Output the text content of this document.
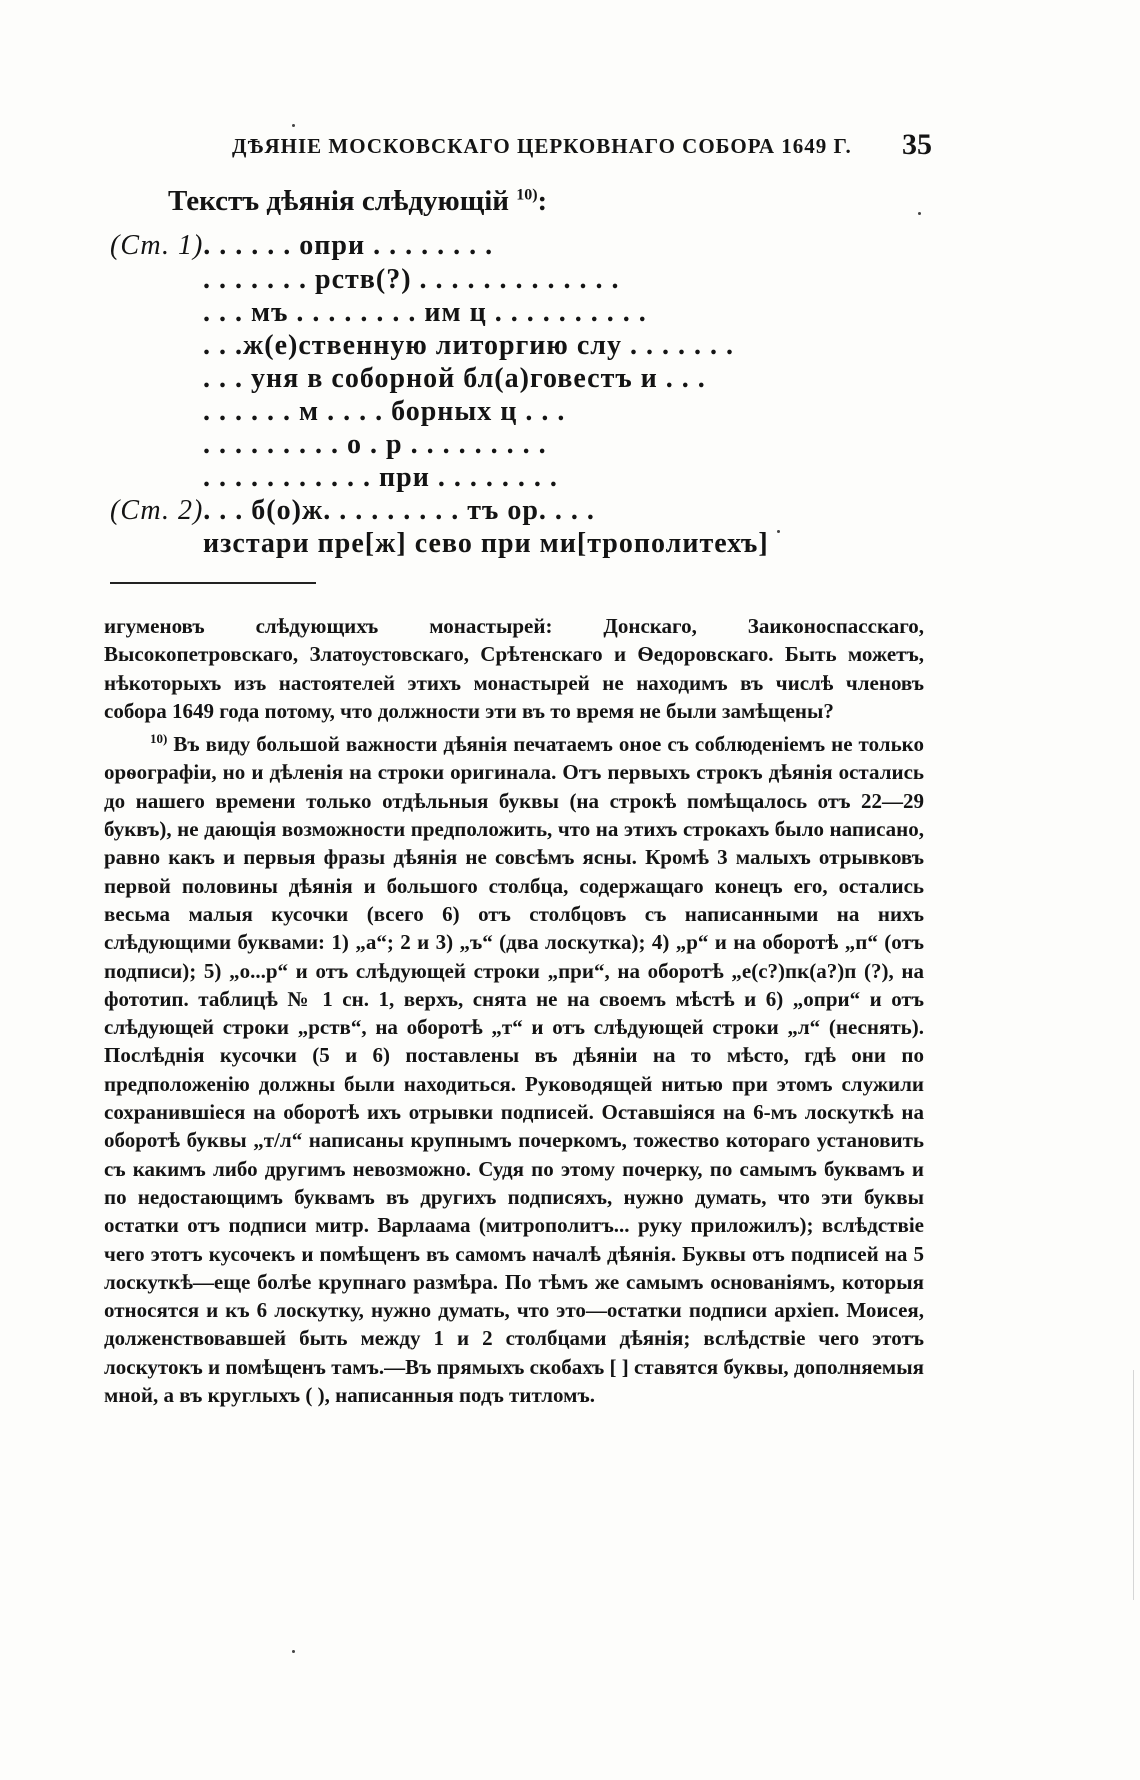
ДѢЯНІЕ МОСКОВСКАГО ЦЕРКОВНАГО СОБОРА 1649 Г. 35
Текстъ дѣянія слѣдующій $^{10)}$:
(Ст. 1). . . . . . опри . . . . . . . .
. . . . . . . рств(?) . . . . . . . . . . . . .
. . . мъ . . . . . . . . им ц . . . . . . . . . .
. . .ж(е)ственную литоргию слу . . . . . . .
. . . уня в соборной бл(а)говестъ и . . .
. . . . . . м . . . . борных ц . . .
. . . . . . . . . о . р . . . . . . . . .
. . . . . . . . . . . при . . . . . . . .
(Ст. 2). . . б(о)ж. . . . . . . . . тъ ор. . . .
изстари пре[ж] сево при ми[трополитехъ]

игуменовъ слѣдующихъ монастырей: Донскаго, Заиконоспасскаго, Высокопетровскаго, Златоустовскаго, Срѣтенскаго и Ѳедоровскаго. Быть можетъ, нѣкоторыхъ изъ настоятелей этихъ монастырей не находимъ въ числѣ членовъ собора 1649 года потому, что должности эти въ то время не были замѣщены?

$^{10)}$ Въ виду большой важности дѣянія печатаемъ оное съ соблюденіемъ не только орѳографіи, но и дѣленія на строки оригинала. Отъ первыхъ строкъ дѣянія остались до нашего времени только отдѣльныя буквы (на строкѣ помѣщалось отъ 22—29 буквъ), не дающія возможности предположить, что на этихъ строкахъ было написано, равно какъ и первыя фразы дѣянія не совсѣмъ ясны. Кромѣ 3 малыхъ отрывковъ первой половины дѣянія и большого столбца, содержащаго конецъ его, остались весьма малыя кусочки (всего 6) отъ столбцовъ съ написанными на нихъ слѣдующими буквами: 1) „а“; 2 и 3) „ъ“ (два лоскутка); 4) „р“ и на оборотѣ „п“ (отъ подписи); 5) „о...р“ и отъ слѣдующей строки „при“, на оборотѣ „е(с?)пк(а?)п (?), на фототип. таблицѣ № 1 сн. 1, верхъ, снята не на своемъ мѣстѣ и 6) „опри“ и отъ слѣдующей строки „рств“, на оборотѣ „т“ и отъ слѣдующей строки „л“ (неснять). Послѣднія кусочки (5 и 6) поставлены въ дѣяніи на то мѣсто, гдѣ они по предположенію должны были находиться. Руководящей нитью при этомъ служили сохранившіеся на оборотѣ ихъ отрывки подписей. Оставшіяся на 6-мъ лоскуткѣ на оборотѣ буквы „т/л“ написаны крупнымъ почеркомъ, тожество котораго установить съ какимъ либо другимъ невозможно. Судя по этому почерку, по самымъ буквамъ и по недостающимъ буквамъ въ другихъ подписяхъ, нужно думать, что эти буквы остатки отъ подписи митр. Варлаама (митрополитъ... руку приложилъ); вслѣдствіе чего этотъ кусочекъ и помѣщенъ въ самомъ началѣ дѣянія. Буквы отъ подписей на 5 лоскуткѣ—еще болѣе крупнаго размѣра. По тѣмъ же самымъ основаніямъ, которыя относятся и къ 6 лоскутку, нужно думать, что это—остатки подписи архіеп. Моисея, долженствовавшей быть между 1 и 2 столбцами дѣянія; вслѣдствіе чего этотъ лоскутокъ и помѣщенъ тамъ.—Въ прямыхъ скобахъ [ ] ставятся буквы, дополняемыя мной, а въ круглыхъ ( ), написанныя подъ титломъ.
